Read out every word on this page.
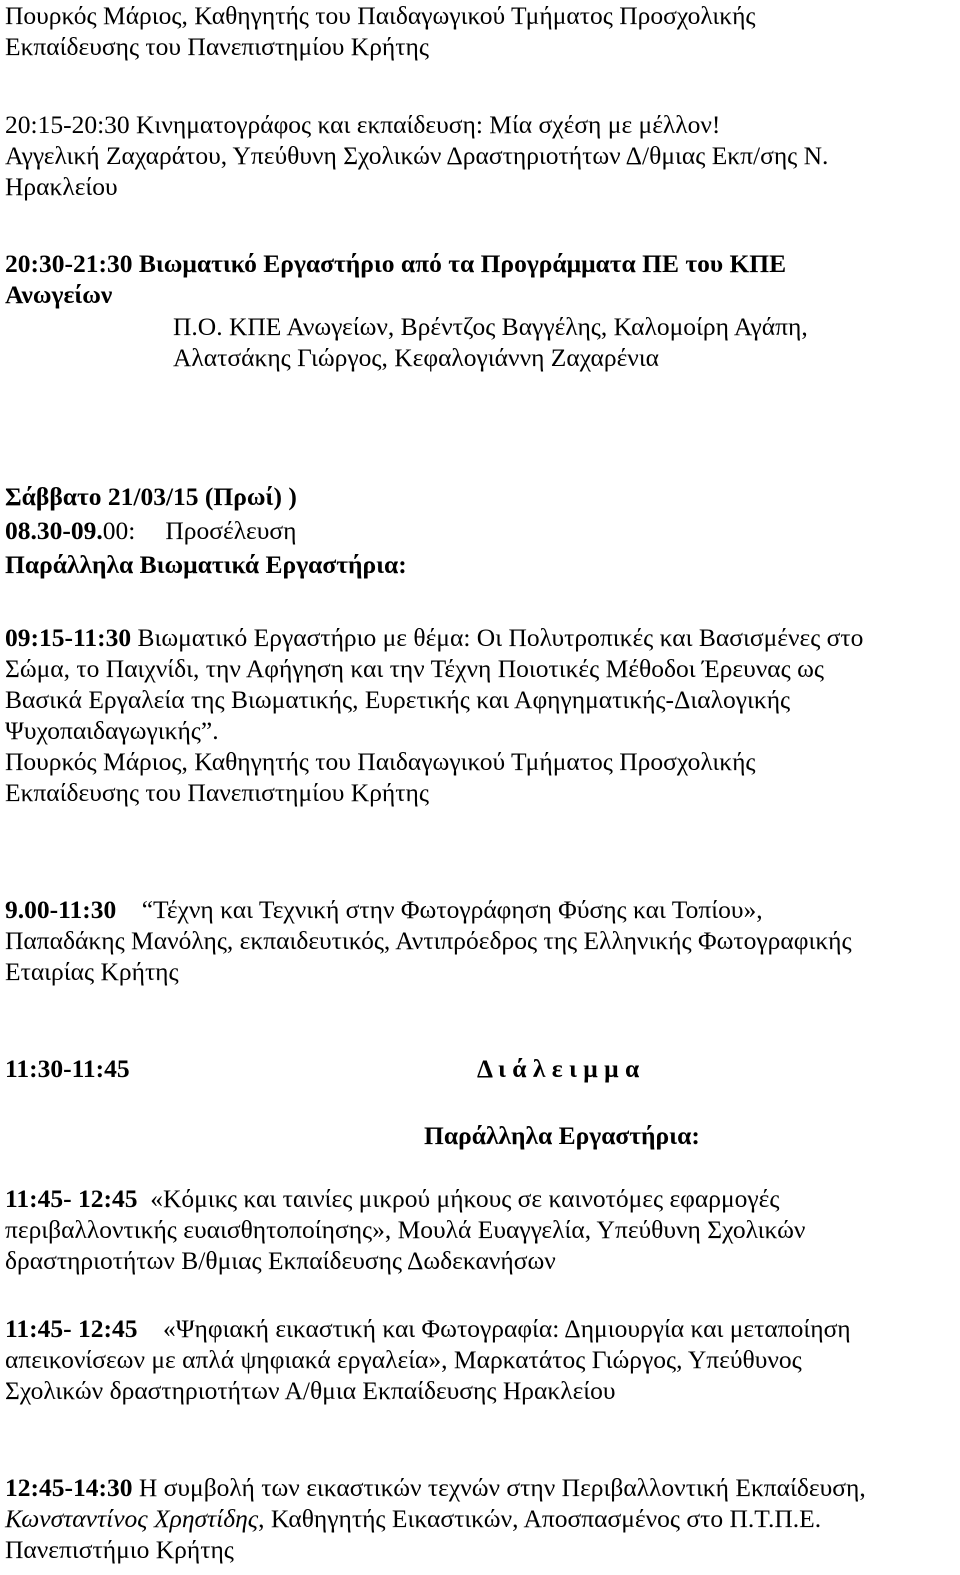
Πουρκός Μάριος, Καθηγητής του Παιδαγωγικού Τμήματος Προσχολικής
Εκπαίδευσης του Πανεπιστημίου Κρήτης
20:15-20:30 Κινηματογράφος και εκπαίδευση: Μία σχέση με μέλλον!
Αγγελική Ζαχαράτου, Υπεύθυνη Σχολικών Δραστηριοτήτων Δ/θμιας Εκπ/σης Ν.
Ηρακλείου
20:30-21:30 Βιωματικό Εργαστήριο από τα Προγράμματα ΠΕ του ΚΠΕ
Ανωγείων
Π.Ο. ΚΠΕ Ανωγείων, Βρέντζος Βαγγέλης, Καλομοίρη Αγάπη,
Αλατσάκης Γιώργος, Κεφαλογιάννη Ζαχαρένια
Σάββατο 21/03/15 (Πρωί) )
08.30-09.00: Προσέλευση
Παράλληλα Βιωματικά Εργαστήρια:
09:15-11:30 Βιωματικό Εργαστήριο με θέμα: Οι Πολυτροπικές και Βασισμένες στο
Σώμα, το Παιχνίδι, την Αφήγηση και την Τέχνη Ποιοτικές Μέθοδοι Έρευνας ως
Βασικά Εργαλεία της Βιωματικής, Ευρετικής και Αφηγηματικής-Διαλογικής
Ψυχοπαιδαγωγικής”.
Πουρκός Μάριος, Καθηγητής του Παιδαγωγικού Τμήματος Προσχολικής
Εκπαίδευσης του Πανεπιστημίου Κρήτης
9.00-11:30    “Τέχνη και Τεχνική στην Φωτογράφηση Φύσης και Τοπίου»,
Παπαδάκης Μανόλης, εκπαιδευτικός, Αντιπρόεδρος της Ελληνικής Φωτογραφικής
Εταιρίας Κρήτης
11:30-11:45	Δ ι ά λ ε ι μ μ α
Παράλληλα Εργαστήρια:
11:45- 12:45  «Κόμικς και ταινίες μικρού μήκους σε καινοτόμες εφαρμογές
περιβαλλοντικής ευαισθητοποίησης», Μουλά Ευαγγελία, Υπεύθυνη Σχολικών
δραστηριοτήτων Β/θμιας Εκπαίδευσης Δωδεκανήσων
11:45- 12:45    «Ψηφιακή εικαστική και Φωτογραφία: Δημιουργία και μεταποίηση
απεικονίσεων με απλά ψηφιακά εργαλεία», Μαρκατάτος Γιώργος, Υπεύθυνος
Σχολικών δραστηριοτήτων Α/θμια Εκπαίδευσης Ηρακλείου
12:45-14:30 Η συμβολή των εικαστικών τεχνών στην Περιβαλλοντική Εκπαίδευση,
Κωνσταντίνος Χρηστίδης, Καθηγητής Εικαστικών, Αποσπασμένος στο Π.Τ.Π.Ε.
Πανεπιστήμιο Κρήτης
